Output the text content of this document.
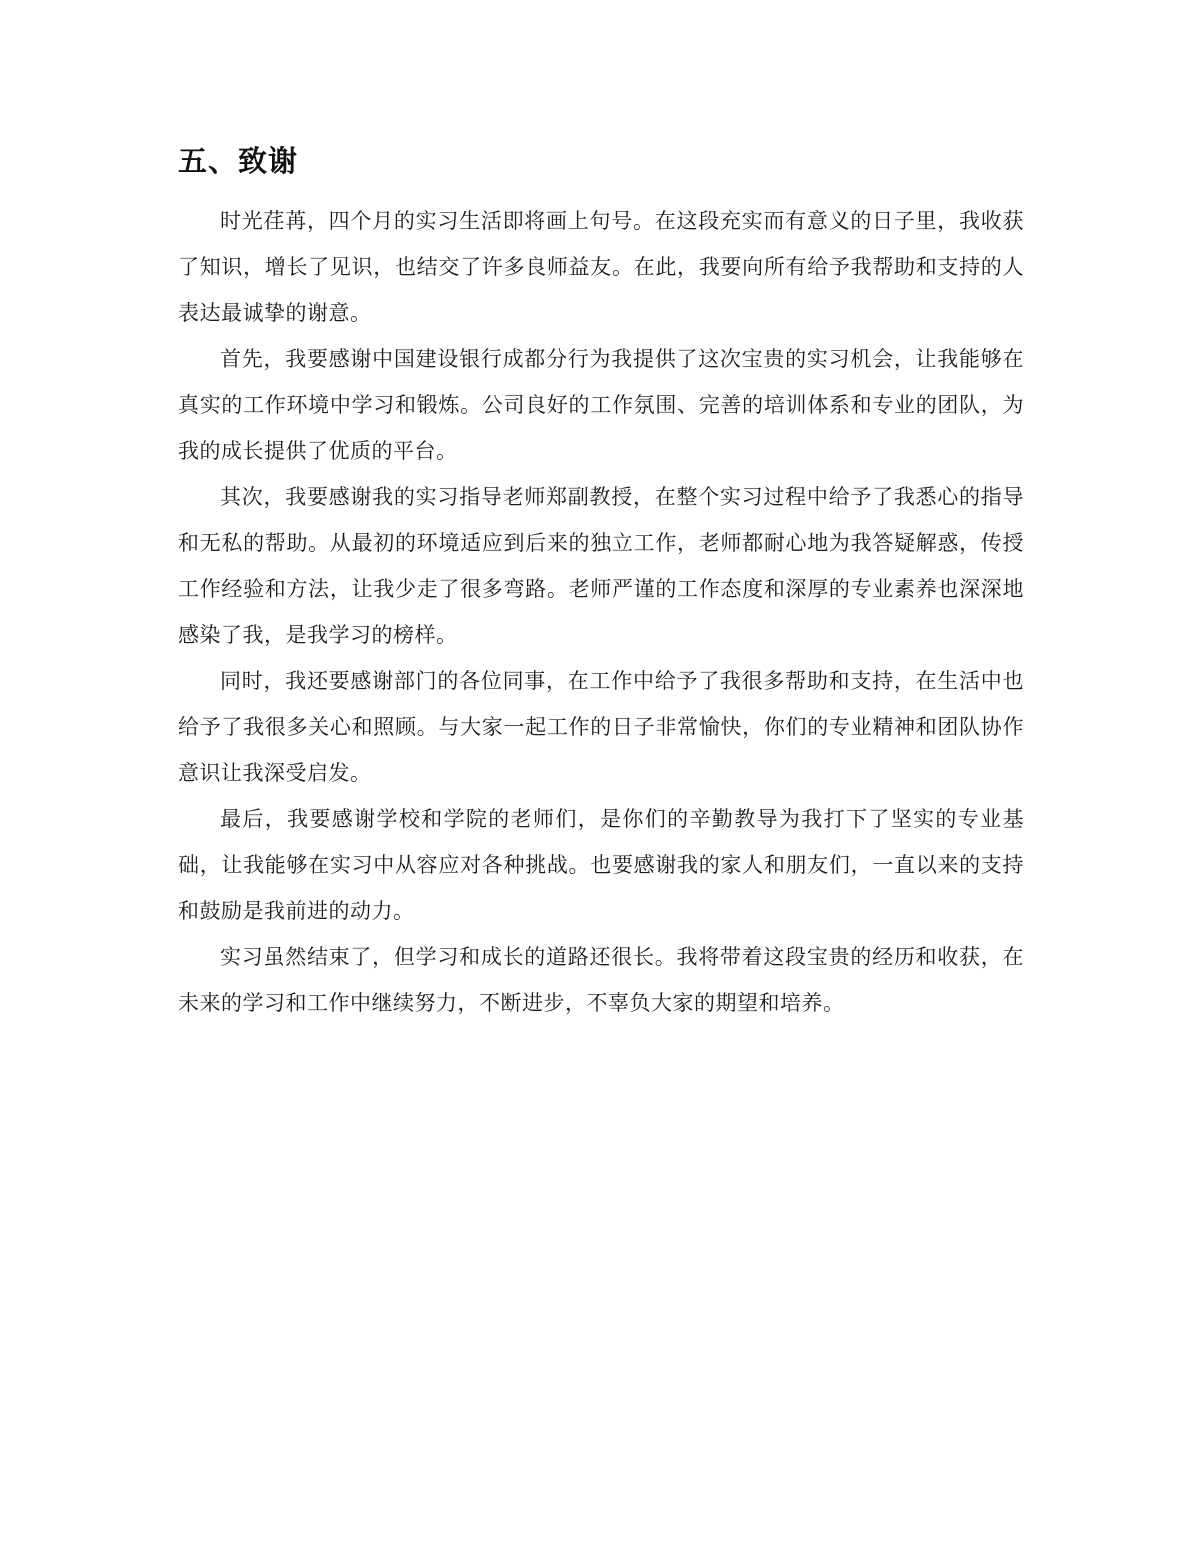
五、致谢

时光荏苒，四个月的实习生活即将画上句号。在这段充实而有意义的日子里，我收获了知识，增长了见识，也结交了许多良师益友。在此，我要向所有给予我帮助和支持的人表达最诚挚的谢意。

首先，我要感谢中国建设银行成都分行为我提供了这次宝贵的实习机会，让我能够在真实的工作环境中学习和锻炼。公司良好的工作氛围、完善的培训体系和专业的团队，为我的成长提供了优质的平台。

其次，我要感谢我的实习指导老师郑副教授，在整个实习过程中给予了我悉心的指导和无私的帮助。从最初的环境适应到后来的独立工作，老师都耐心地为我答疑解惑，传授工作经验和方法，让我少走了很多弯路。老师严谨的工作态度和深厚的专业素养也深深地感染了我，是我学习的榜样。

同时，我还要感谢部门的各位同事，在工作中给予了我很多帮助和支持，在生活中也给予了我很多关心和照顾。与大家一起工作的日子非常愉快，你们的专业精神和团队协作意识让我深受启发。

最后，我要感谢学校和学院的老师们，是你们的辛勤教导为我打下了坚实的专业基础，让我能够在实习中从容应对各种挑战。也要感谢我的家人和朋友们，一直以来的支持和鼓励是我前进的动力。

实习虽然结束了，但学习和成长的道路还很长。我将带着这段宝贵的经历和收获，在未来的学习和工作中继续努力，不断进步，不辜负大家的期望和培养。
